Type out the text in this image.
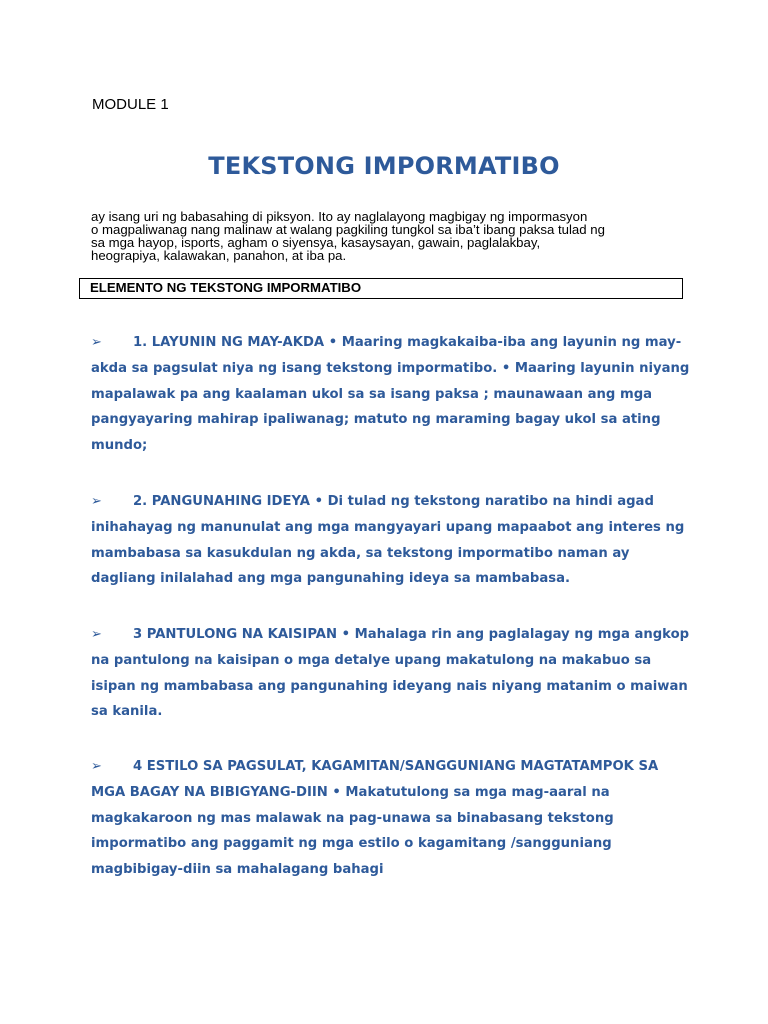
MODULE 1
TEKSTONG IMPORMATIBO
ay isang uri ng babasahing di piksyon. Ito ay naglalayong magbigay ng impormasyon
o magpaliwanag nang malinaw at walang pagkiling tungkol sa iba’t ibang paksa tulad ng
sa mga hayop, isports, agham o siyensya, kasaysayan, gawain, paglalakbay,
heograpiya, kalawakan, panahon, at iba pa.
ELEMENTO NG TEKSTONG IMPORMATIBO
➢ 1. LAYUNIN NG MAY-AKDA • Maaring magkakaiba-iba ang layunin ng may-akda sa pagsulat niya ng isang tekstong impormatibo. • Maaring layunin niyang mapalawak pa ang kaalaman ukol sa sa isang paksa ; maunawaan ang mga pangyayaring mahirap ipaliwanag; matuto ng maraming bagay ukol sa ating mundo;
➢ 2. PANGUNAHING IDEYA • Di tulad ng tekstong naratibo na hindi agad inihahayag ng manunulat ang mga mangyayari upang mapaabot ang interes ng mambabasa sa kasukdulan ng akda, sa tekstong impormatibo naman ay dagliang inilalahad ang mga pangunahing ideya sa mambabasa.
➢ 3 PANTULONG NA KAISIPAN • Mahalaga rin ang paglalagay ng mga angkop na pantulong na kaisipan o mga detalye upang makatulong na makabuo sa isipan ng mambabasa ang pangunahing ideyang nais niyang matanim o maiwan sa kanila.
➢ 4 ESTILO SA PAGSULAT, KAGAMITAN/SANGGUNIANG MAGTATAMPOK SA MGA BAGAY NA BIBIGYANG-DIIN • Makatutulong sa mga mag-aaral na magkakaroon ng mas malawak na pag-unawa sa binabasang tekstong impormatibo ang paggamit ng mga estilo o kagamitang /sangguniang magbibigay-diin sa mahalagang bahagi
